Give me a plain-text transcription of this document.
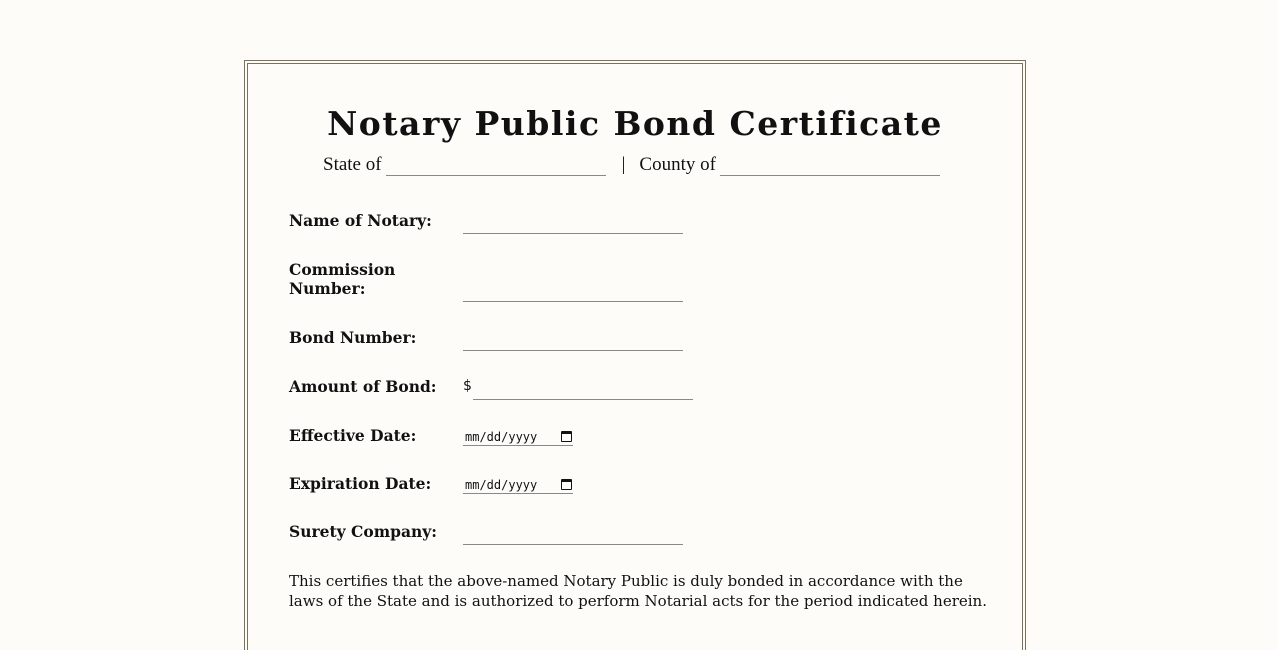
Notary Public Bond Certificate
State of	| County of
Name of Notary:
Commission Number:
Bond Number:
Amount of Bond: $
Effective Date:	mm/dd/yyyy
Expiration Date:	mm/dd/yyyy
Surety Company:

This certifies that the above-named Notary Public is duly bonded in accordance with the laws of the State and is authorized to perform Notarial acts for the period indicated herein.
